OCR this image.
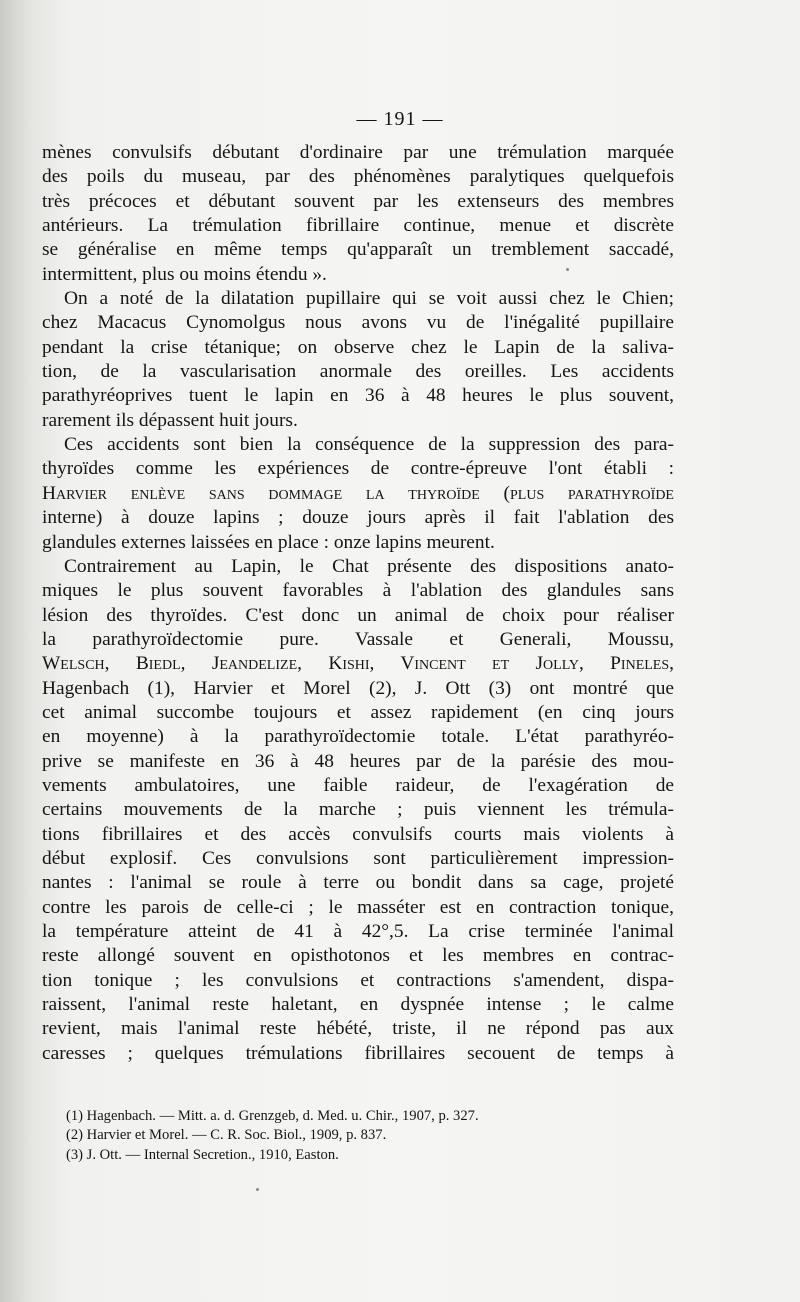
— 191 —
mènes convulsifs débutant d'ordinaire par une trémulation marquée
des poils du museau, par des phénomènes paralytiques quelquefois
très précoces et débutant souvent par les extenseurs des membres
antérieurs. La trémulation fibrillaire continue, menue et discrète
se généralise en même temps qu'apparaît un tremblement saccadé,
intermittent, plus ou moins étendu ».
On a noté de la dilatation pupillaire qui se voit aussi chez le Chien;
chez Macacus Cynomolgus nous avons vu de l'inégalité pupillaire
pendant la crise tétanique; on observe chez le Lapin de la saliva-
tion, de la vascularisation anormale des oreilles. Les accidents
parathyréoprives tuent le lapin en 36 à 48 heures le plus souvent,
rarement ils dépassent huit jours.
Ces accidents sont bien la conséquence de la suppression des para-
thyroïdes comme les expériences de contre-épreuve l'ont établi :
Harvier enlève sans dommage la thyroïde (plus parathyroïde
interne) à douze lapins ; douze jours après il fait l'ablation des
glandules externes laissées en place : onze lapins meurent.
Contrairement au Lapin, le Chat présente des dispositions anato-
miques le plus souvent favorables à l'ablation des glandules sans
lésion des thyroïdes. C'est donc un animal de choix pour réaliser
la parathyroïdectomie pure. Vassale et Generali, Moussu,
Welsch, Biedl, Jeandelize, Kishi, Vincent et Jolly, Pineles,
Hagenbach (1), Harvier et Morel (2), J. Ott (3) ont montré que
cet animal succombe toujours et assez rapidement (en cinq jours
en moyenne) à la parathyroïdectomie totale. L'état parathyréo-
prive se manifeste en 36 à 48 heures par de la parésie des mou-
vements ambulatoires, une faible raideur, de l'exagération de
certains mouvements de la marche ; puis viennent les trémula-
tions fibrillaires et des accès convulsifs courts mais violents à
début explosif. Ces convulsions sont particulièrement impression-
nantes : l'animal se roule à terre ou bondit dans sa cage, projeté
contre les parois de celle-ci ; le masséter est en contraction tonique,
la température atteint de 41 à 42°,5. La crise terminée l'animal
reste allongé souvent en opisthotonos et les membres en contrac-
tion tonique ; les convulsions et contractions s'amendent, dispa-
raissent, l'animal reste haletant, en dyspnée intense ; le calme
revient, mais l'animal reste hébété, triste, il ne répond pas aux
caresses ; quelques trémulations fibrillaires secouent de temps à
(1) Hagenbach. — Mitt. a. d. Grenzgeb, d. Med. u. Chir., 1907, p. 327.
(2) Harvier et Morel. — C. R. Soc. Biol., 1909, p. 837.
(3) J. Ott. — Internal Secretion., 1910, Easton.
